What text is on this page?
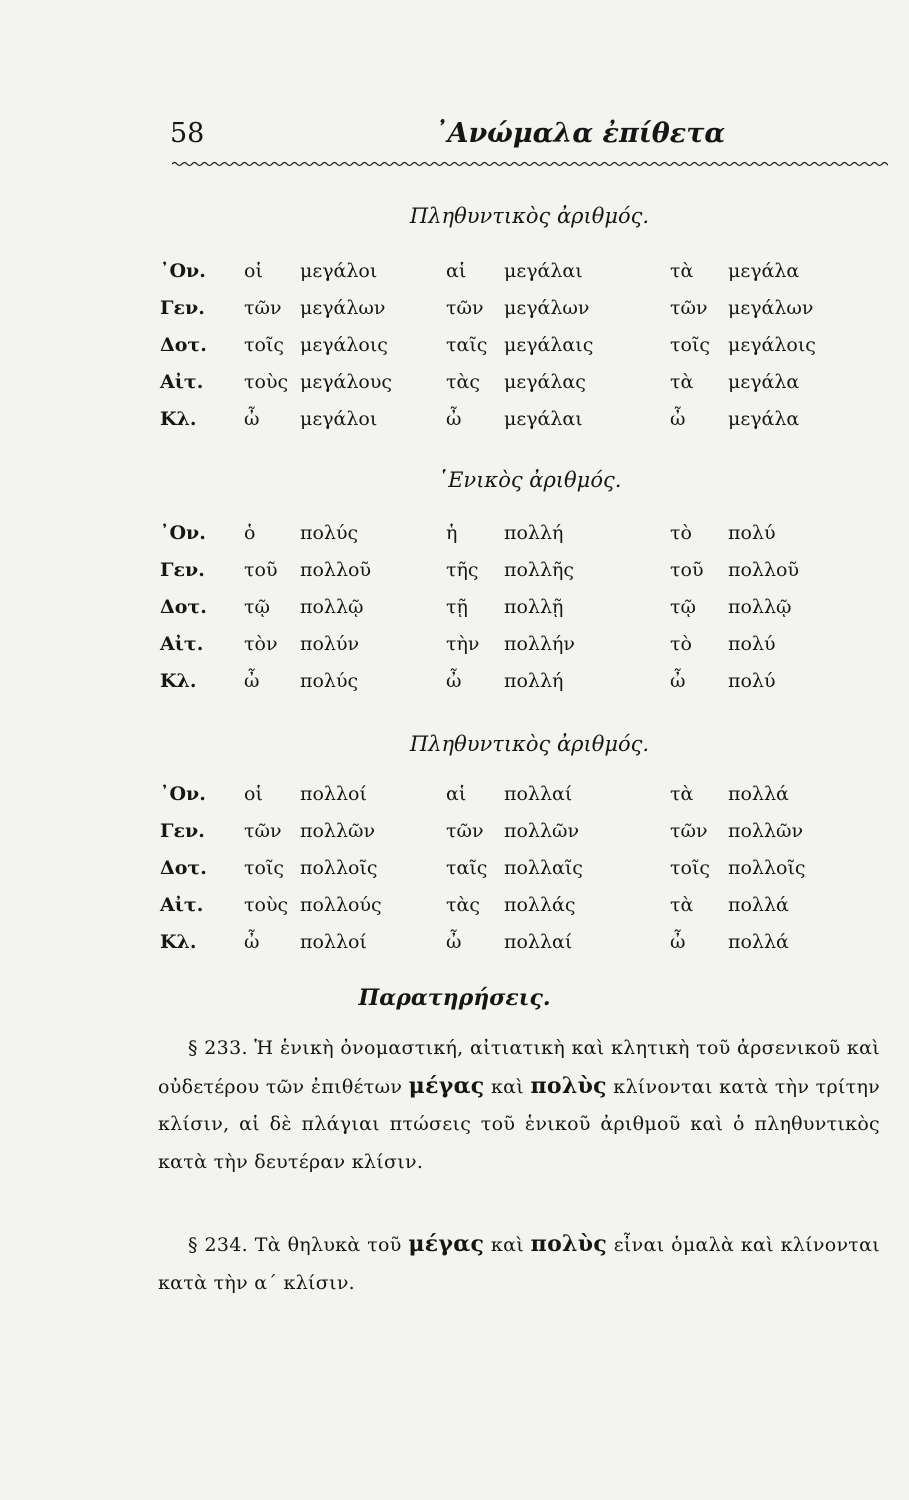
58	᾿Ανώμαλα ἐπίθετα
Πληθυντικὸς ἀριθμός.
᾿Ον.	οἱ	μεγάλοι	αἱ	μεγάλαι	τὰ	μεγάλα
Γεν.	τῶν	μεγάλων	τῶν	μεγάλων	τῶν	μεγάλων
Δοτ.	τοῖς	μεγάλοις	ταῖς	μεγάλαις	τοῖς	μεγάλοις
Αἰτ.	τοὺς	μεγάλους	τὰς	μεγάλας	τὰ	μεγάλα
Κλ.	ὦ	μεγάλοι	ὦ	μεγάλαι	ὦ	μεγάλα
῾Ενικὸς ἀριθμός.
᾿Ον.	ὁ	πολύς	ἡ	πολλή	τὸ	πολύ
Γεν.	τοῦ	πολλοῦ	τῆς	πολλῆς	τοῦ	πολλοῦ
Δοτ.	τῷ	πολλῷ	τῇ	πολλῇ	τῷ	πολλῷ
Αἰτ.	τὸν	πολύν	τὴν	πολλήν	τὸ	πολύ
Κλ.	ὦ	πολύς	ὦ	πολλή	ὦ	πολύ
Πληθυντικὸς ἀριθμός.
᾿Ον.	οἱ	πολλοί	αἱ	πολλαί	τὰ	πολλά
Γεν.	τῶν	πολλῶν	τῶν	πολλῶν	τῶν	πολλῶν
Δοτ.	τοῖς	πολλοῖς	ταῖς	πολλαῖς	τοῖς	πολλοῖς
Αἰτ.	τοὺς	πολλούς	τὰς	πολλάς	τὰ	πολλά
Κλ.	ὦ	πολλοί	ὦ	πολλαί	ὦ	πολλά
Παρατηρήσεις.
§ 233. Ἡ ἑνικὴ ὀνομαστική, αἰτιατικὴ καὶ κλητικὴ τοῦ ἀρσενικοῦ καὶ οὐδετέρου τῶν ἐπιθέτων μέγας καὶ πολὺς κλίνονται κατὰ τὴν τρίτην κλίσιν, αἱ δὲ πλάγιαι πτώσεις τοῦ ἑνικοῦ ἀριθμοῦ καὶ ὁ πληθυντικὸς κατὰ τὴν δευτέραν κλίσιν.
§ 234. Τὰ θηλυκὰ τοῦ μέγας καὶ πολὺς εἶναι ὁμαλὰ καὶ κλίνονται κατὰ τὴν α΄ κλίσιν.
